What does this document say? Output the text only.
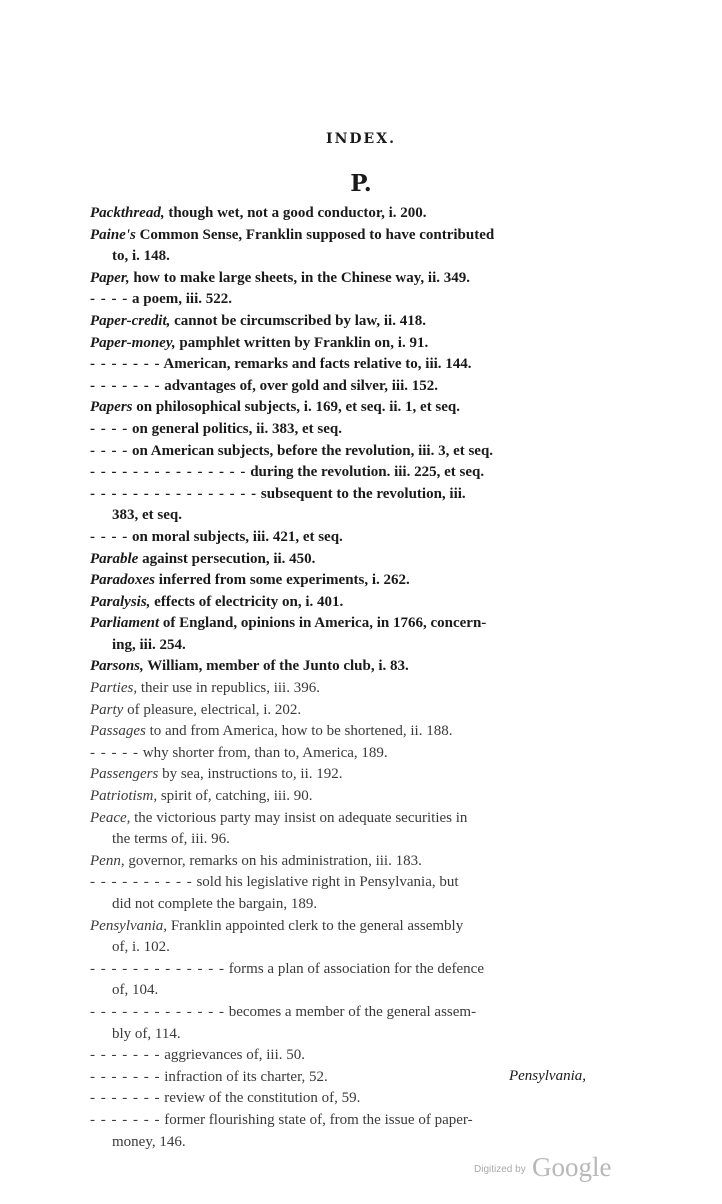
INDEX.
P.
Packthread, though wet, not a good conductor, i. 200.
Paine's Common Sense, Franklin supposed to have contributed
to, i. 148.
Paper, how to make large sheets, in the Chinese way, ii. 349.
- - - - a poem, iii. 522.
Paper-credit, cannot be circumscribed by law, ii. 418.
Paper-money, pamphlet written by Franklin on, i. 91.
- - - - - - - American, remarks and facts relative to, iii. 144.
- - - - - - - advantages of, over gold and silver, iii. 152.
Papers on philosophical subjects, i. 169, et seq. ii. 1, et seq.
- - - - on general politics, ii. 383, et seq.
- - - - on American subjects, before the revolution, iii. 3, et seq.
- - - - - - - - - - - - - - - during the revolution. iii. 225, et seq.
- - - - - - - - - - - - - - - - subsequent to the revolution, iii.
383, et seq.
- - - - on moral subjects, iii. 421, et seq.
Parable against persecution, ii. 450.
Paradoxes inferred from some experiments, i. 262.
Paralysis, effects of electricity on, i. 401.
Parliament of England, opinions in America, in 1766, concern-
ing, iii. 254.
Parsons, William, member of the Junto club, i. 83.
Parties, their use in republics, iii. 396.
Party of pleasure, electrical, i. 202.
Passages to and from America, how to be shortened, ii. 188.
- - - - - why shorter from, than to, America, 189.
Passengers by sea, instructions to, ii. 192.
Patriotism, spirit of, catching, iii. 90.
Peace, the victorious party may insist on adequate securities in
the terms of, iii. 96.
Penn, governor, remarks on his administration, iii. 183.
- - - - - - - - - - sold his legislative right in Pensylvania, but
did not complete the bargain, 189.
Pensylvania, Franklin appointed clerk to the general assembly
of, i. 102.
- - - - - - - - - - - - - forms a plan of association for the defence
of, 104.
- - - - - - - - - - - - - becomes a member of the general assem-
bly of, 114.
- - - - - - - aggrievances of, iii. 50.
- - - - - - - infraction of its charter, 52.
- - - - - - - review of the constitution of, 59.
- - - - - - - former flourishing state of, from the issue of paper-
money, 146.
Pensylvania,
Digitized by Google
